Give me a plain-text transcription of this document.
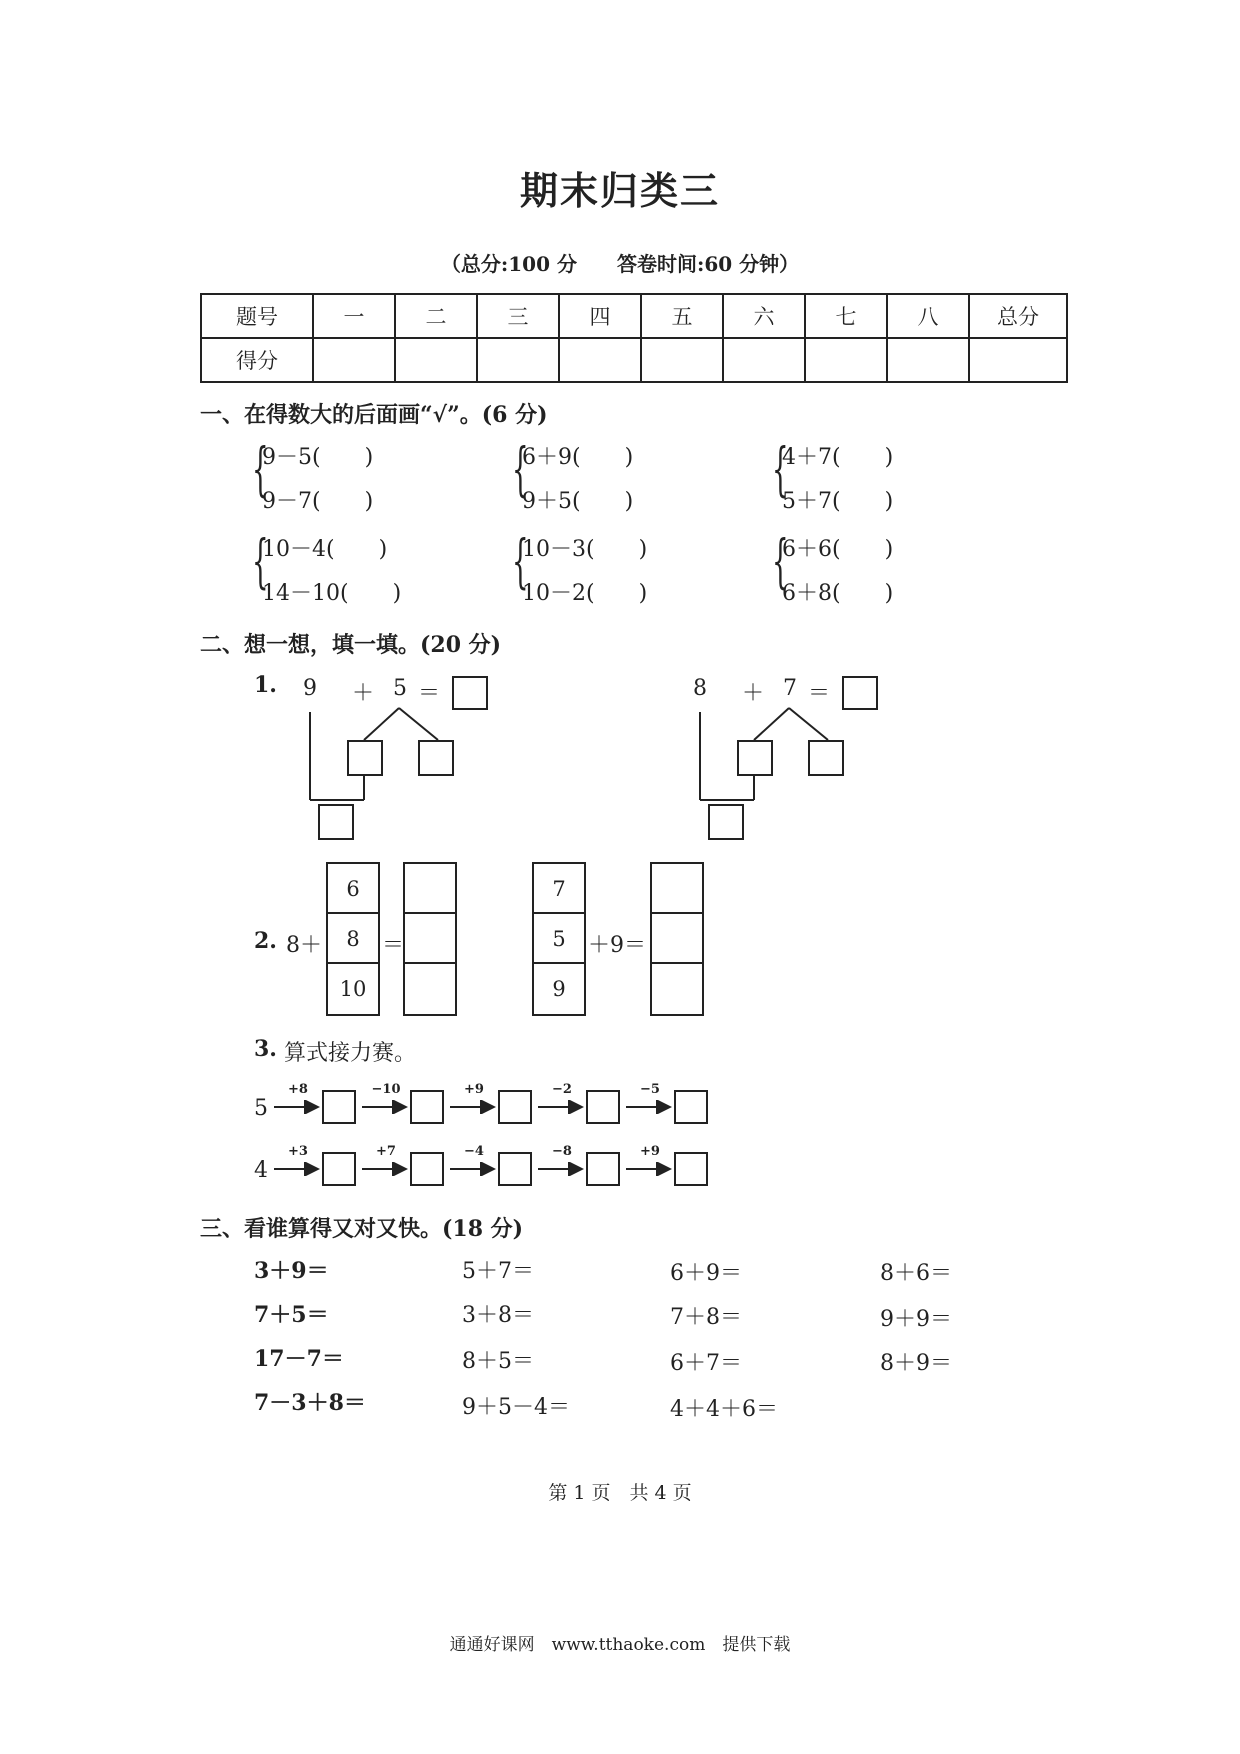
期末归类三
（总分:100 分　　答卷时间:60 分钟）
题号	一	二	三	四	五	六	七	八	总分
得分									
一、在得数大的后面画“√”。(6 分)
{
9－5(　　)
9－7(　　) {
6＋9(　　)
9＋5(　　) {
4＋7(　　)
5＋7(　　)
{
10－4(　　)
14－10(　　) {
10－3(　　)
10－2(　　) {
6＋6(　　)
6＋8(　　)
二、想一想，填一填。(20 分)
1. 9 ＋ 5 ＝	8 ＋ 7 ＝
2. 8＋
6
8
10
＝
7
5
9
＋9＝
3. 算式接力赛。
5
+8	−10	+9	−2	−5
4
+3	+7	−4	−8	+9
三、看谁算得又对又快。(18 分)
3＋9＝	5＋7＝	6＋9＝	8＋6＝
7＋5＝	3＋8＝	7＋8＝	9＋9＝
17－7＝	8＋5＝	6＋7＝	8＋9＝
7－3＋8＝	9＋5－4＝	4＋4＋6＝
第 1 页　共 4 页
通通好课网　www.tthaoke.com　提供下载
